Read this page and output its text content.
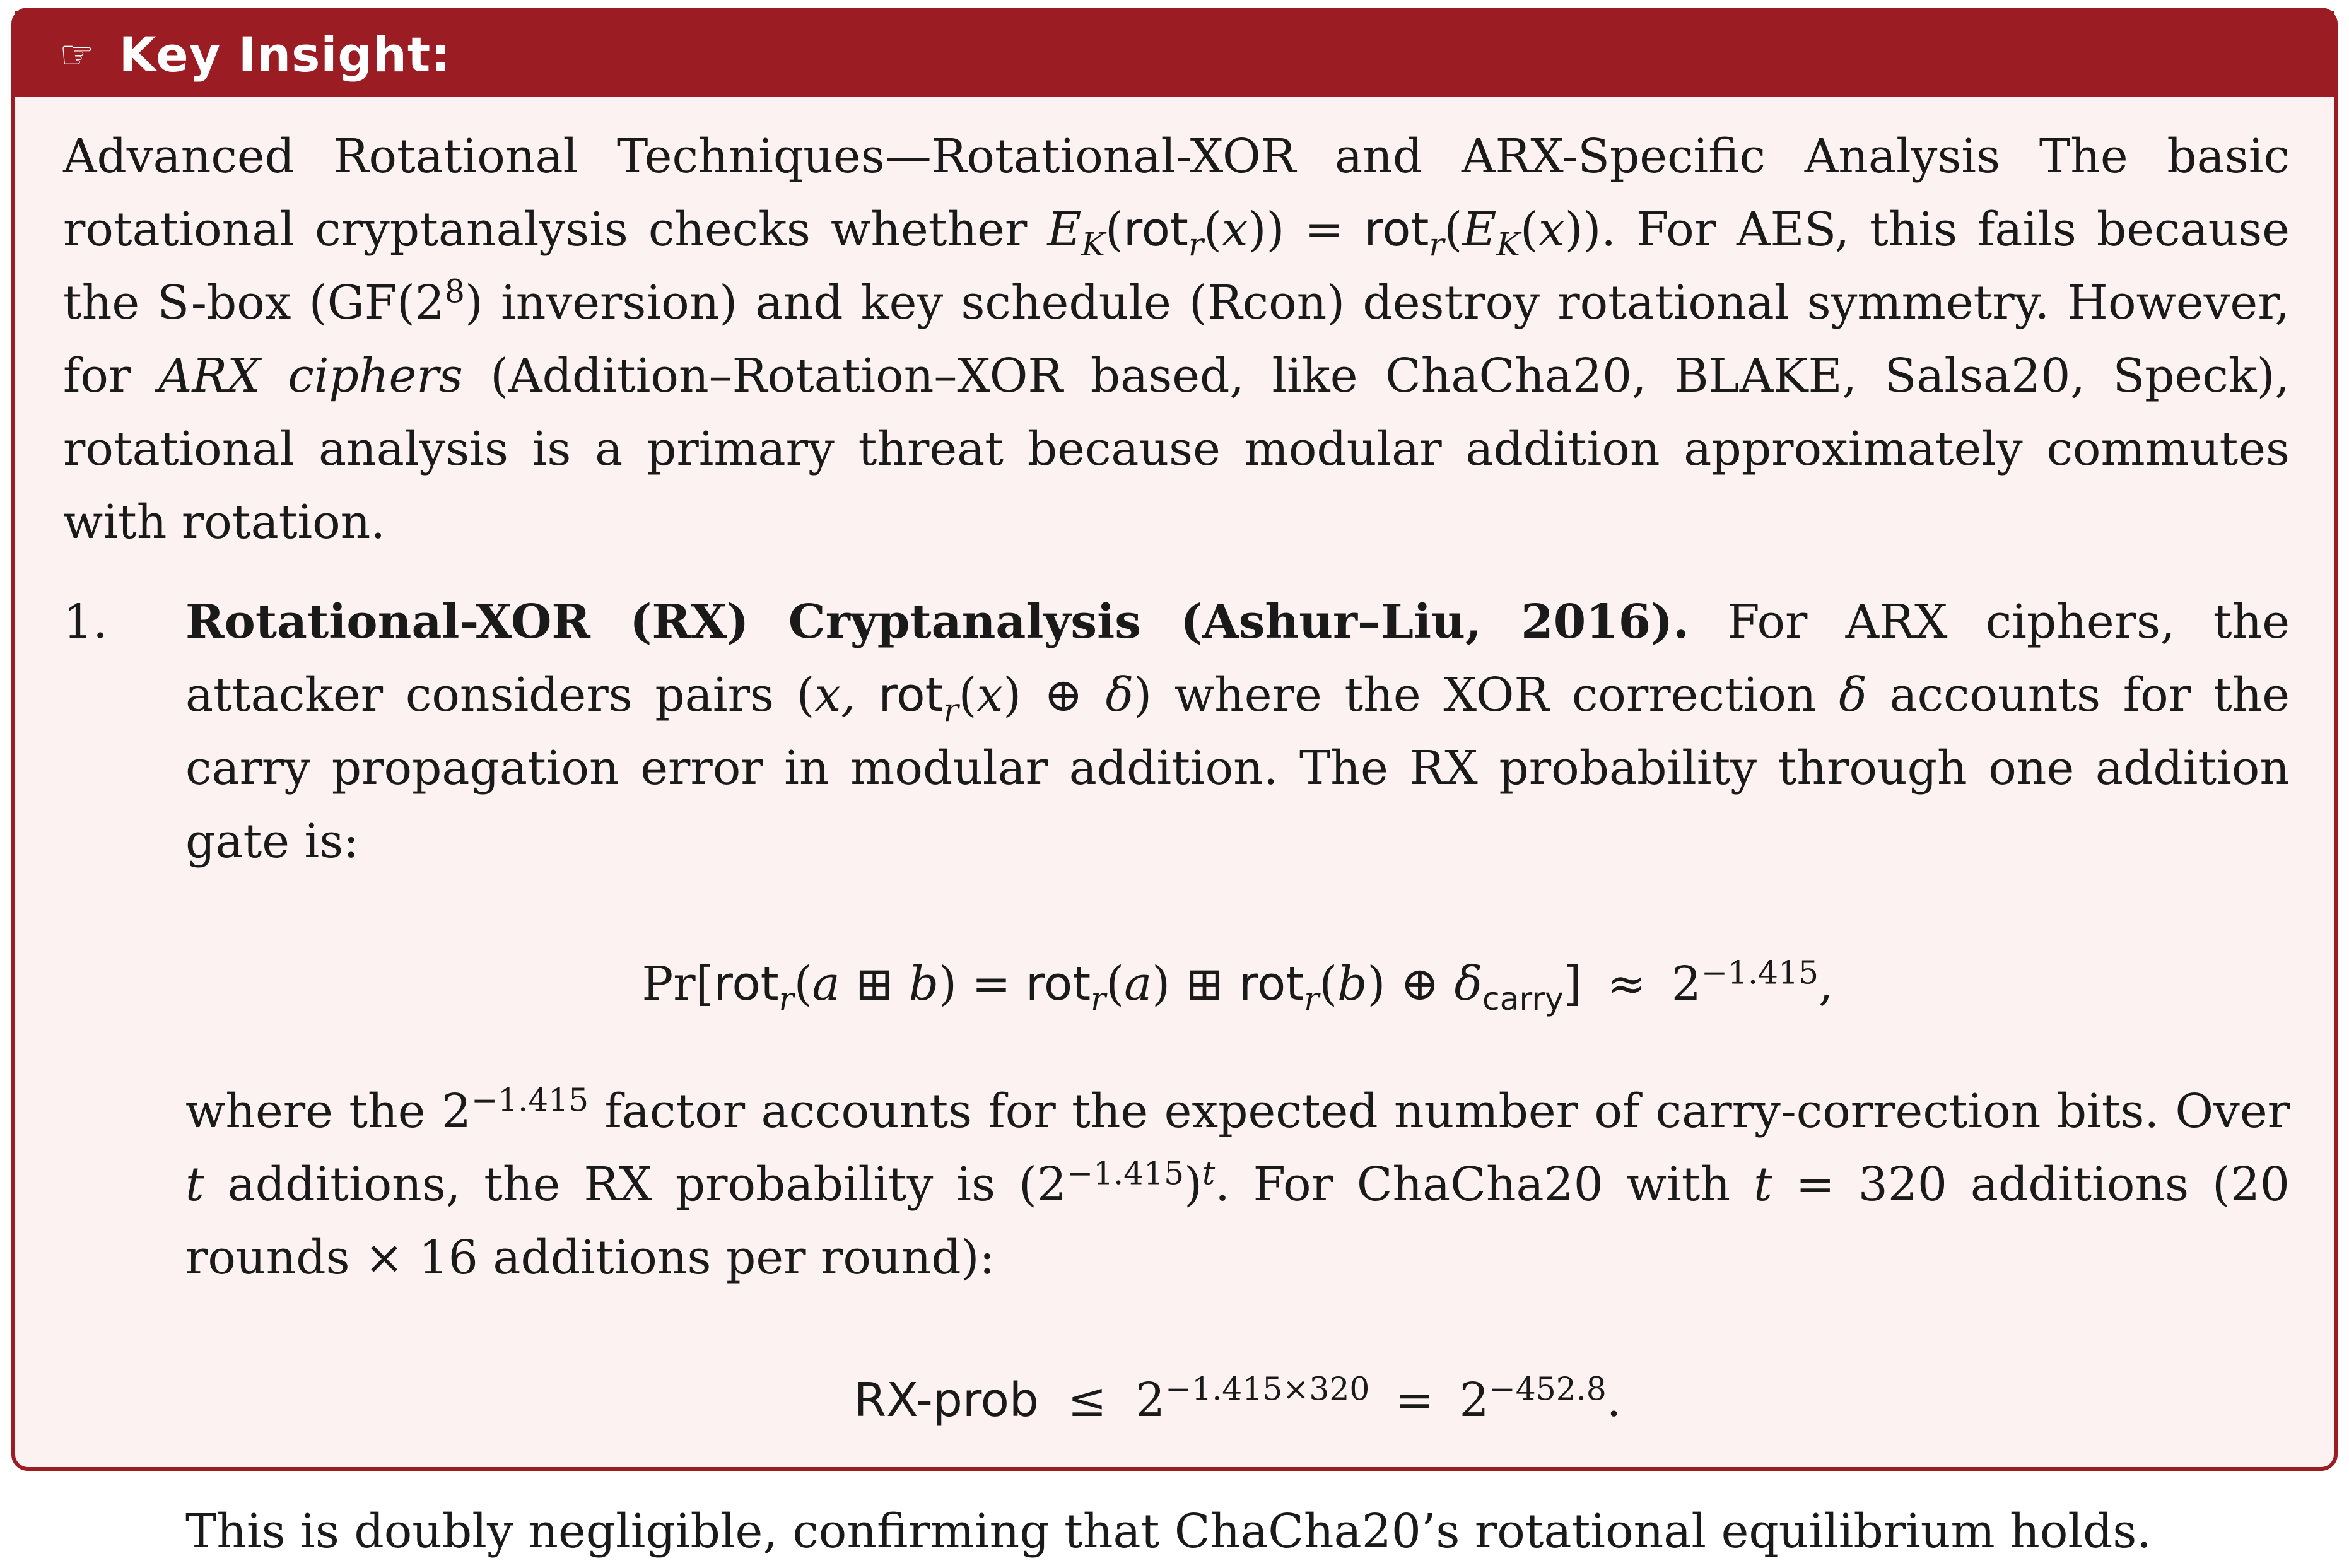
☞ Key Insight:

Advanced Rotational Techniques—Rotational-XOR and ARX-Specific Analysis The basic rotational cryptanalysis checks whether $E_K(rot_r(x)) = rot_r(E_K(x))$. For AES, this fails because the S-box ($GF(2^8)$ inversion) and key schedule (Rcon) destroy rotational symmetry. However, for ARX ciphers (Addition–Rotation–XOR based, like ChaCha20, BLAKE, Salsa20, Speck), rotational analysis is a primary threat because modular addition approximately commutes with rotation.

1.	Rotational-XOR (RX) Cryptanalysis (Ashur–Liu, 2016). For ARX ciphers, the attacker considers pairs (x, rot$_r$(x) ⊕ δ) where the XOR correction δ accounts for the carry propagation error in modular addition. The RX probability through one addition gate is:

Pr[rot$_r$(a ⊞ b) = rot$_r$(a) ⊞ rot$_r$(b) ⊕ $\delta_{carry}] \approx 2^{-1.415}$,

where the $2^{-1.415}$ factor accounts for the expected number of carry-correction bits. Over t additions, the RX probability is $(2^{-1.415})^t$. For ChaCha20 with t = 320 additions (20 rounds × 16 additions per round):

RX-prob ≤ $2^{-1.415\times 320} = 2^{-452.8}$.

This is doubly negligible, confirming that ChaCha20’s rotational equilibrium holds.
